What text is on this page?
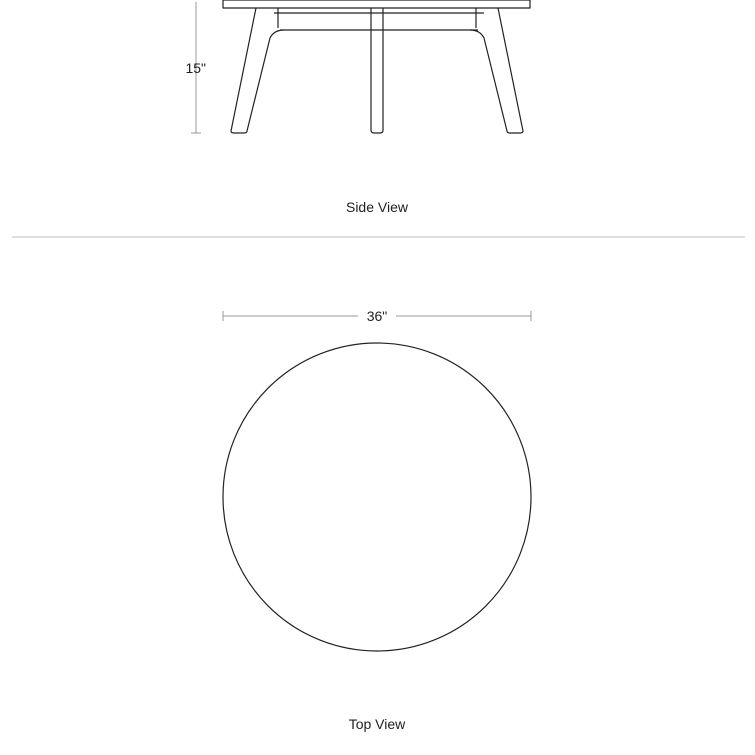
15"
Side View
36"
Top View
